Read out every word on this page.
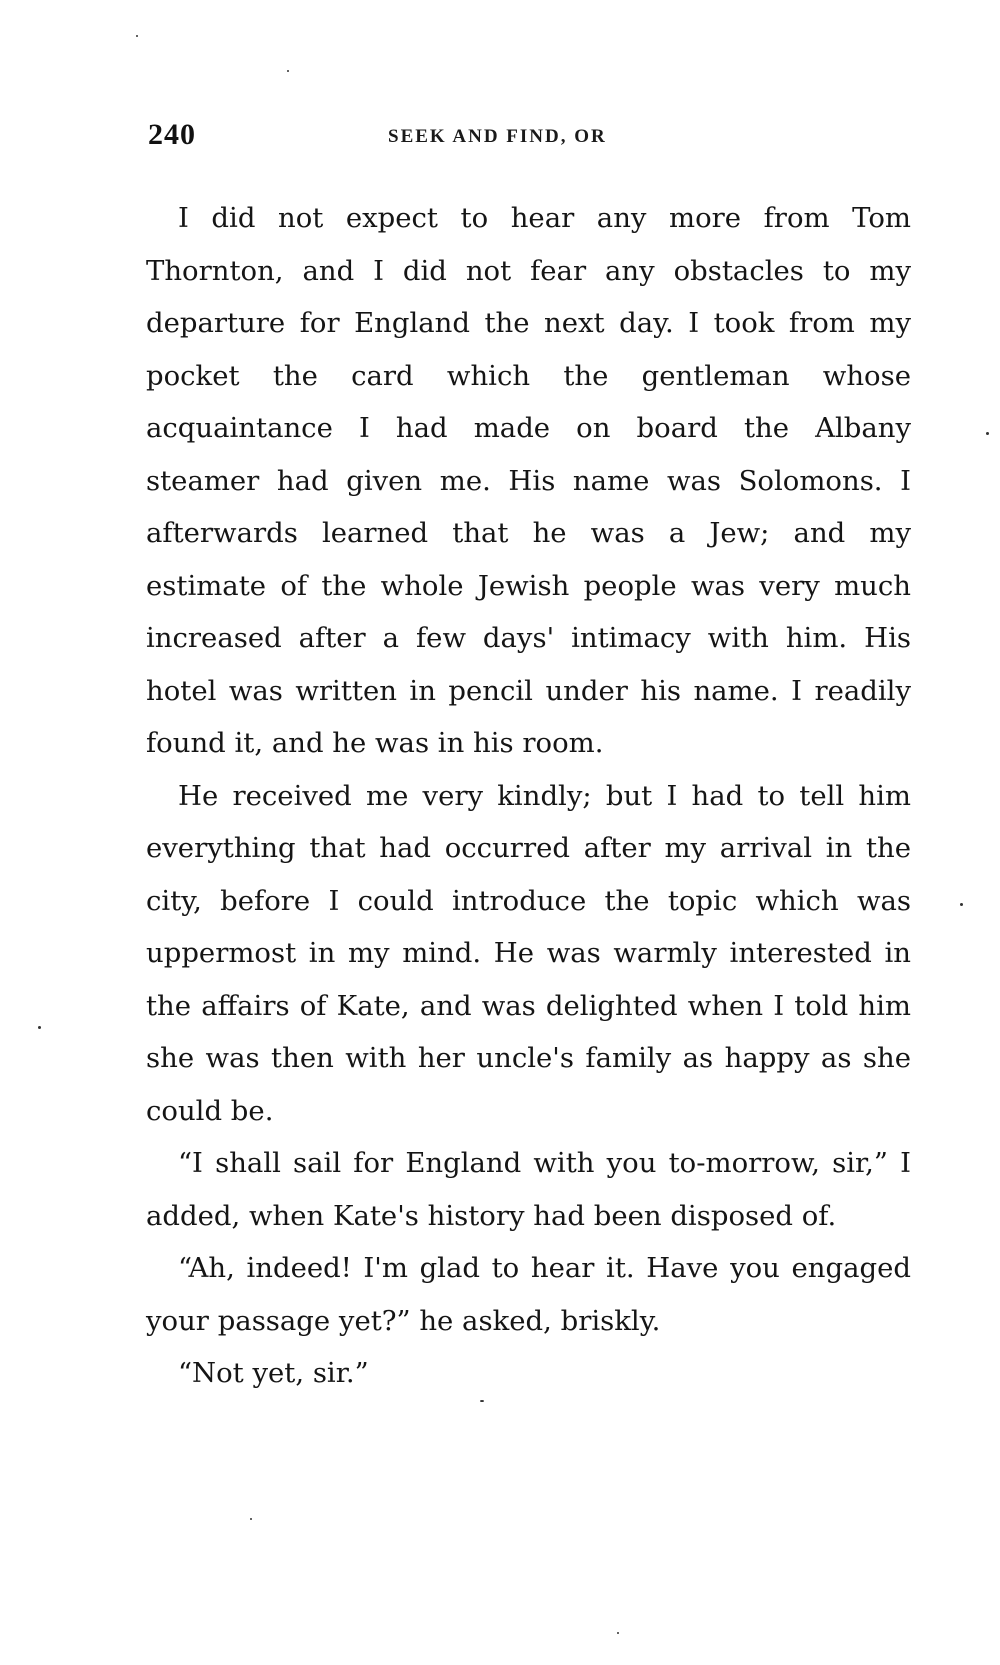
240	SEEK AND FIND, OR

I did not expect to hear any more from Tom Thornton, and I did not fear any obstacles to my departure for England the next day. I took from my pocket the card which the gentleman whose acquaintance I had made on board the Albany steamer had given me. His name was Solomons. I afterwards learned that he was a Jew; and my estimate of the whole Jewish people was very much increased after a few days' intimacy with him. His hotel was written in pencil under his name. I readily found it, and he was in his room.

He received me very kindly; but I had to tell him everything that had occurred after my arrival in the city, before I could introduce the topic which was uppermost in my mind. He was warmly interested in the affairs of Kate, and was delighted when I told him she was then with her uncle's family as happy as she could be.

“I shall sail for England with you to-morrow, sir,” I added, when Kate's history had been disposed of.

“Ah, indeed! I'm glad to hear it. Have you engaged your passage yet?” he asked, briskly.

“Not yet, sir.”
